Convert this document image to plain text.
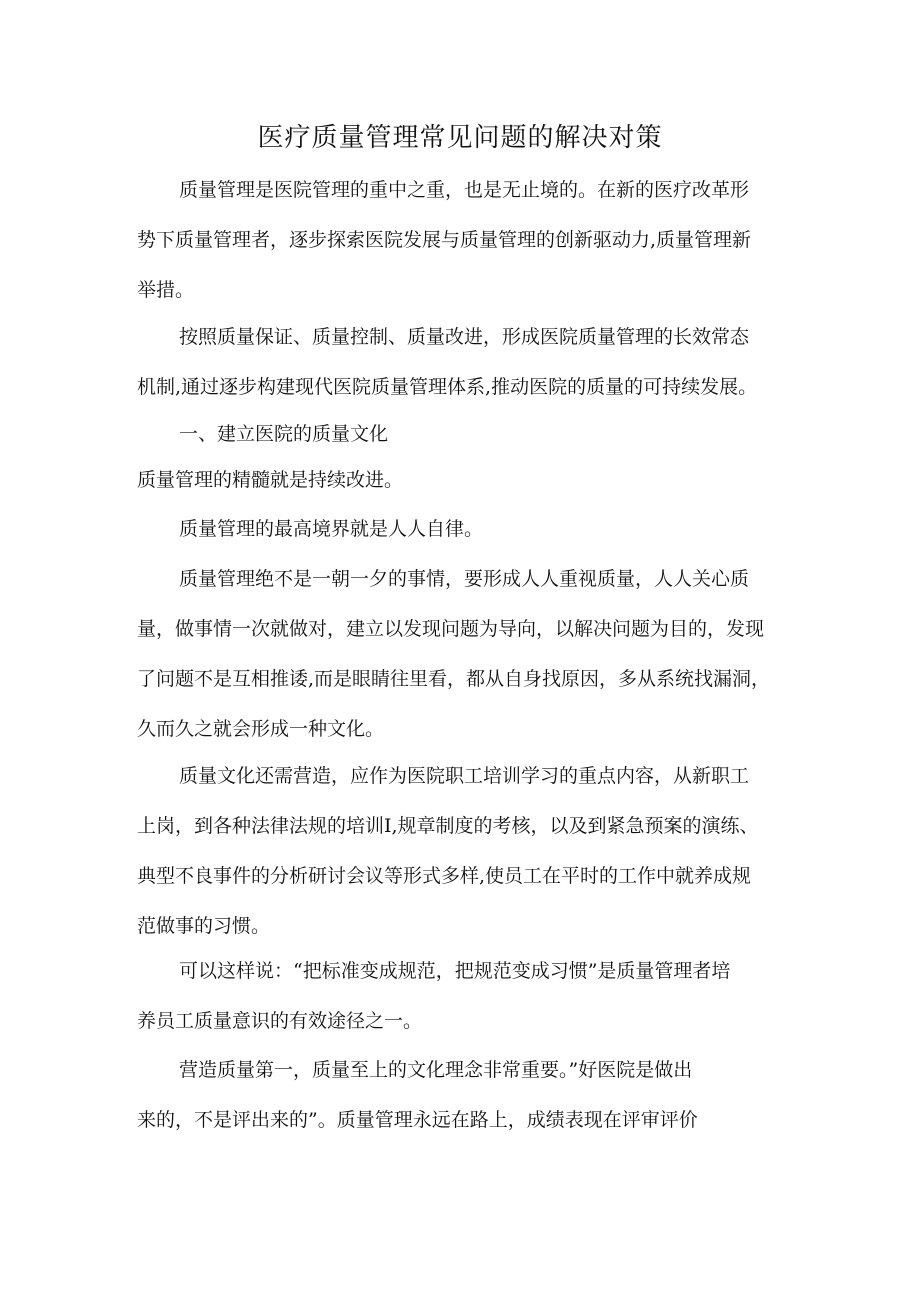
医疗质量管理常见问题的解决对策

质量管理是医院管理的重中之重，也是无止境的。在新的医疗改革形
势下质量管理者，逐步探索医院发展与质量管理的创新驱动力,质量管理新
举措。

按照质量保证、质量控制、质量改进，形成医院质量管理的长效常态
机制,通过逐步构建现代医院质量管理体系,推动医院的质量的可持续发展。

一、建立医院的质量文化

质量管理的精髓就是持续改进。

质量管理的最高境界就是人人自律。

质量管理绝不是一朝一夕的事情，要形成人人重视质量，人人关心质
量，做事情一次就做对，建立以发现问题为导向，以解决问题为目的，发现
了问题不是互相推诿,而是眼睛往里看，都从自身找原因，多从系统找漏洞，
久而久之就会形成一种文化。

质量文化还需营造，应作为医院职工培训学习的重点内容，从新职工
上岗，到各种法律法规的培训I,规章制度的考核，以及到紧急预案的演练、
典型不良事件的分析研讨会议等形式多样,使员工在平时的工作中就养成规
范做事的习惯。

可以这样说：“把标准变成规范，把规范变成习惯”是质量管理者培
养员工质量意识的有效途径之一。

营造质量第一，质量至上的文化理念非常重要。”好医院是做出
来的，不是评出来的”。质量管理永远在路上，成绩表现在评审评价
